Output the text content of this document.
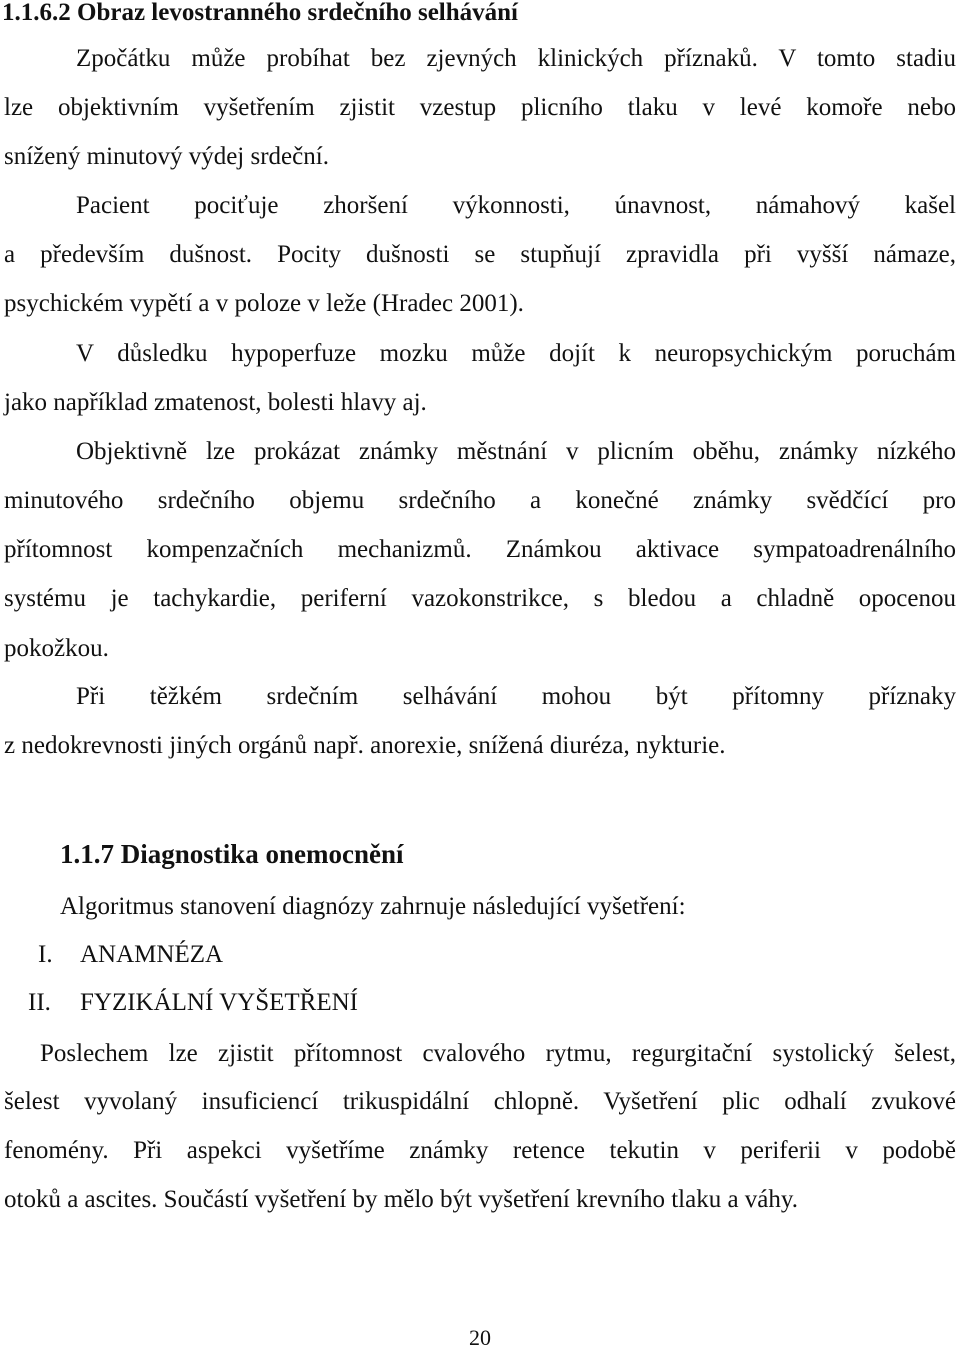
1.1.6.2 Obraz levostranného srdečního selhávání
Zpočátku může probíhat bez zjevných klinických příznaků. V tomto stadiu
lze objektivním vyšetřením zjistit vzestup plicního tlaku v levé komoře nebo
snížený minutový výdej srdeční.
Pacient pociťuje zhoršení výkonnosti, únavnost, námahový kašel
a především dušnost. Pocity dušnosti se stupňují zpravidla při vyšší námaze,
psychickém vypětí a v poloze v leže (Hradec 2001).
V důsledku hypoperfuze mozku může dojít k neuropsychickým poruchám
jako například zmatenost, bolesti hlavy aj.
Objektivně lze prokázat známky městnání v plicním oběhu, známky nízkého
minutového srdečního objemu srdečního a konečné známky svědčící pro
přítomnost kompenzačních mechanizmů. Známkou aktivace sympatoadrenálního
systému je tachykardie, periferní vazokonstrikce, s bledou a chladně opocenou
pokožkou.
Při těžkém srdečním selhávání mohou být přítomny příznaky
z nedokrevnosti jiných orgánů např. anorexie, snížená diuréza, nykturie.
1.1.7 Diagnostika onemocnění
Algoritmus stanovení diagnózy zahrnuje následující vyšetření:
I. ANAMNÉZA
II. FYZIKÁLNÍ VYŠETŘENÍ
Poslechem lze zjistit přítomnost cvalového rytmu, regurgitační systolický šelest,
šelest vyvolaný insuficiencí trikuspidální chlopně. Vyšetření plic odhalí zvukové
fenomény. Při aspekci vyšetříme známky retence tekutin v periferii v podobě
otoků a ascites. Součástí vyšetření by mělo být vyšetření krevního tlaku a váhy.
20
